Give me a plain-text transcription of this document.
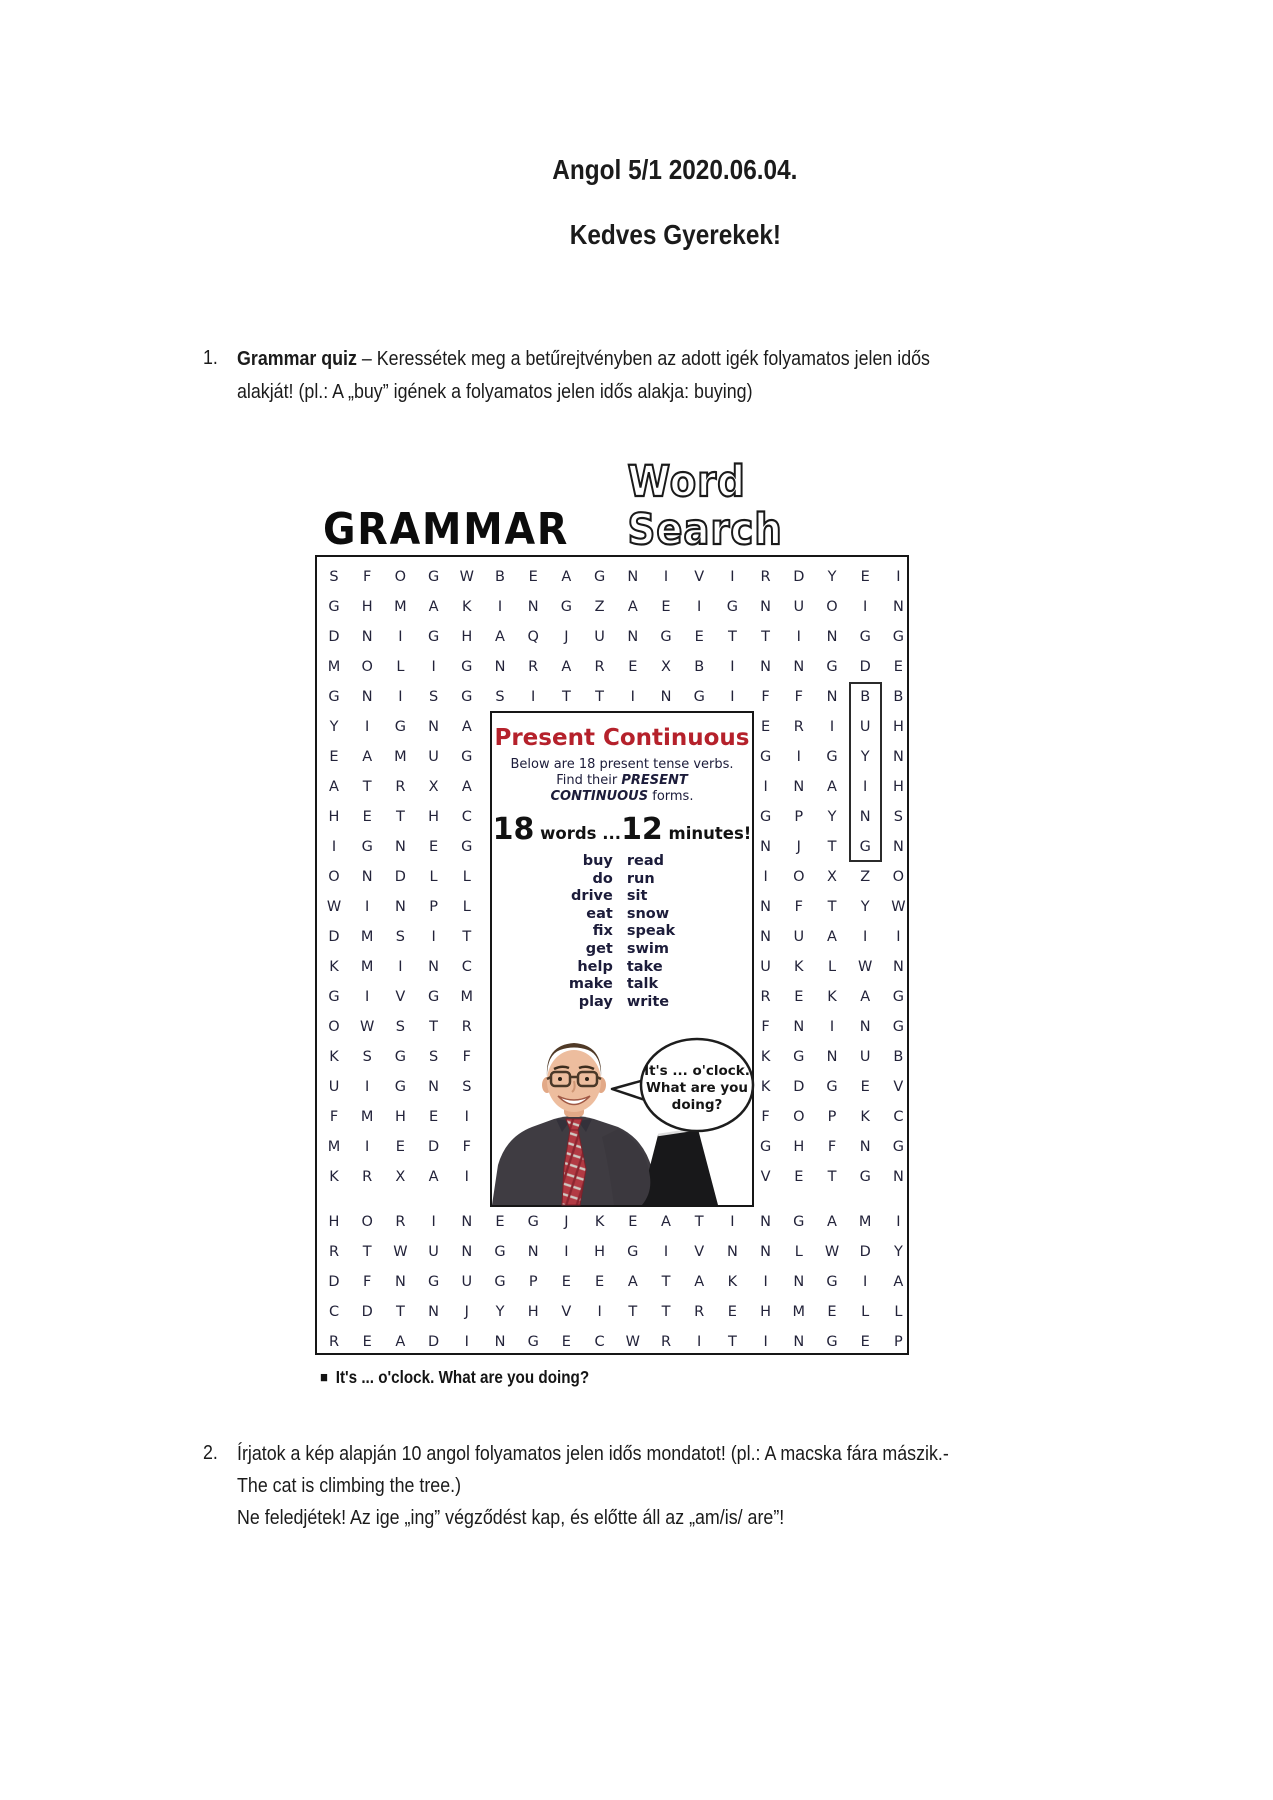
Angol 5/1 2020.06.04.
Kedves Gyerekek!
1. Grammar quiz – Keressétek meg a betűrejtvényben az adott igék folyamatos jelen idős
alakját! (pl.: A „buy” igének a folyamatos jelen idős alakja: buying)
GRAMMAR
Word Search
Present Continuous
Below are 18 present tense verbs.
Find their PRESENT
CONTINUOUS forms.
18 words ...12 minutes!
buy
do
drive
eat
fix
get
help
make
play
read
run
sit
snow
speak
swim
take
talk
write
It's ... o'clock.
What are you
doing?
S	F	O	G	W	B	E	A	G	N	I	V	I	R	D	Y	E	I
G	H	M	A	K	I	N	G	Z	A	E	I	G	N	U	O	I	N
D	N	I	G	H	A	Q	J	U	N	G	E	T	T	I	N	G	G
M	O	L	I	G	N	R	A	R	E	X	B	I	N	N	G	D	E
G	N	I	S	G	S	I	T	T	I	N	G	I	F	F	N	B	B
Y	I	G	N	A	E	R	I	U	H
E	A	M	U	G	G	I	G	Y	N
A	T	R	X	A	I	N	A	I	H
H	E	T	H	C	G	P	Y	N	S
I	G	N	E	G	N	J	T	G	N
O	N	D	L	L	I	O	X	Z	O
W	I	N	P	L	N	F	T	Y	W
D	M	S	I	T	N	U	A	I	I
K	M	I	N	C	U	K	L	W	N
G	I	V	G	M	R	E	K	A	G
O	W	S	T	R	F	N	I	N	G
K	S	G	S	F	K	G	N	U	B
U	I	G	N	S	K	D	G	E	V
F	M	H	E	I	F	O	P	K	C
M	I	E	D	F	G	H	F	N	G
K	R	X	A	I	V	E	T	G	N
H	O	R	I	N	E	G	J	K	E	A	T	I	N	G	A	M	I
R	T	W	U	N	G	N	I	H	G	I	V	N	N	L	W	D	Y
D	F	N	G	U	G	P	E	E	A	T	A	K	I	N	G	I	A
C	D	T	N	J	Y	H	V	I	T	T	R	E	H	M	E	L	L
R	E	A	D	I	N	G	E	C	W	R	I	T	I	N	G	E	P
■ It's ... o'clock. What are you doing?
2. Írjatok a kép alapján 10 angol folyamatos jelen idős mondatot! (pl.: A macska fára mászik.-
The cat is climbing the tree.)
Ne feledjétek! Az ige „ing” végződést kap, és előtte áll az „am/is/ are”!
